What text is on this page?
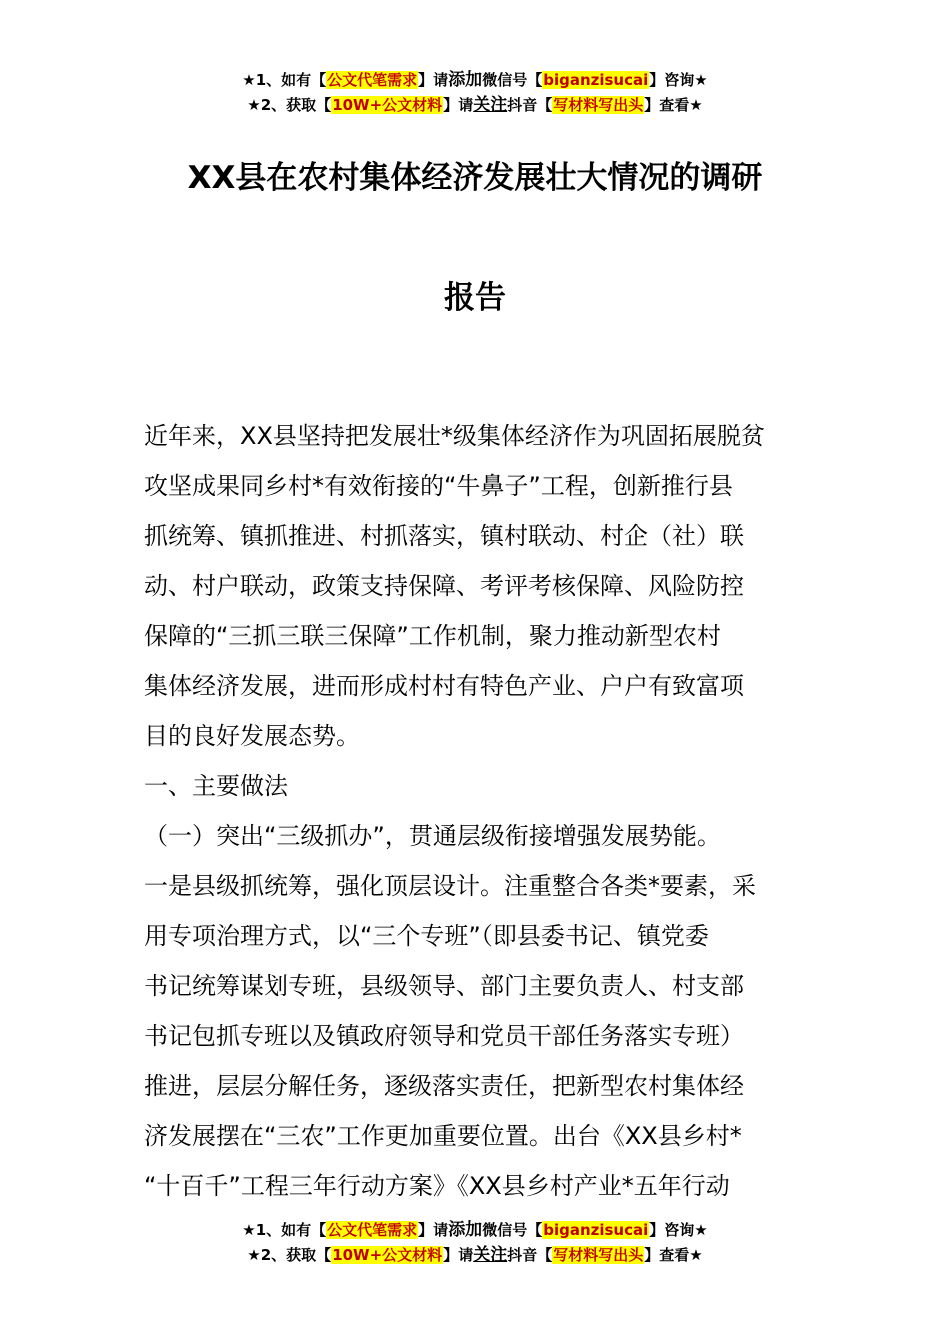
★1、如有【公文代笔需求】请添加微信号【biganzisucai】咨询★
★2、获取【10W+公文材料】请关注抖音【写材料写出头】查看★
XX县在农村集体经济发展壮大情况的调研
报告

近年来，XX县坚持把发展壮*级集体经济作为巩固拓展脱贫

攻坚成果同乡村*有效衔接的“牛鼻子”工程，创新推行县

抓统筹、镇抓推进、村抓落实，镇村联动、村企（社）联

动、村户联动，政策支持保障、考评考核保障、风险防控

保障的“三抓三联三保障”工作机制，聚力推动新型农村

集体经济发展，进而形成村村有特色产业、户户有致富项

目的良好发展态势。

一、主要做法

（一）突出“三级抓办”，贯通层级衔接增强发展势能。

一是县级抓统筹，强化顶层设计。注重整合各类*要素，采

用专项治理方式，以“三个专班”（即县委书记、镇党委

书记统筹谋划专班，县级领导、部门主要负责人、村支部

书记包抓专班以及镇政府领导和党员干部任务落实专班）

推进，层层分解任务，逐级落实责任，把新型农村集体经

济发展摆在“三农”工作更加重要位置。出台《XX县乡村*

“十百千”工程三年行动方案》《XX县乡村产业*五年行动

★1、如有【公文代笔需求】请添加微信号【biganzisucai】咨询★
★2、获取【10W+公文材料】请关注抖音【写材料写出头】查看★
